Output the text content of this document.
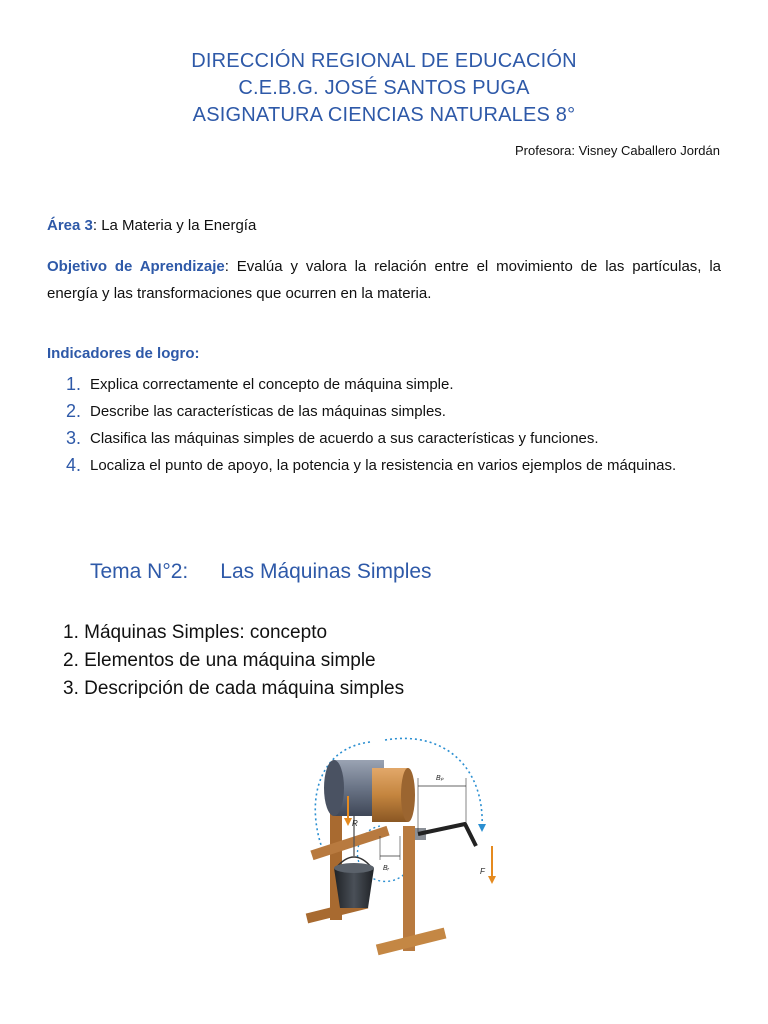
DIRECCIÓN REGIONAL DE EDUCACIÓN
C.E.B.G. JOSÉ SANTOS PUGA
ASIGNATURA CIENCIAS NATURALES 8°
Profesora: Visney Caballero Jordán
Área 3: La Materia y la Energía
Objetivo de Aprendizaje: Evalúa y valora la relación entre el movimiento de las partículas, la energía y las transformaciones que ocurren en la materia.
Indicadores de logro:
1. Explica correctamente el concepto de máquina simple.
2. Describe las características de las máquinas simples.
3. Clasifica las máquinas simples de acuerdo a sus características y funciones.
4. Localiza el punto de apoyo, la potencia y la resistencia en varios ejemplos de máquinas.
Tema N°2: Las Máquinas Simples
1. Máquinas Simples: concepto
2. Elementos de una máquina simple
3. Descripción de cada máquina simples
R
F
Bₚ
Bᵣ
